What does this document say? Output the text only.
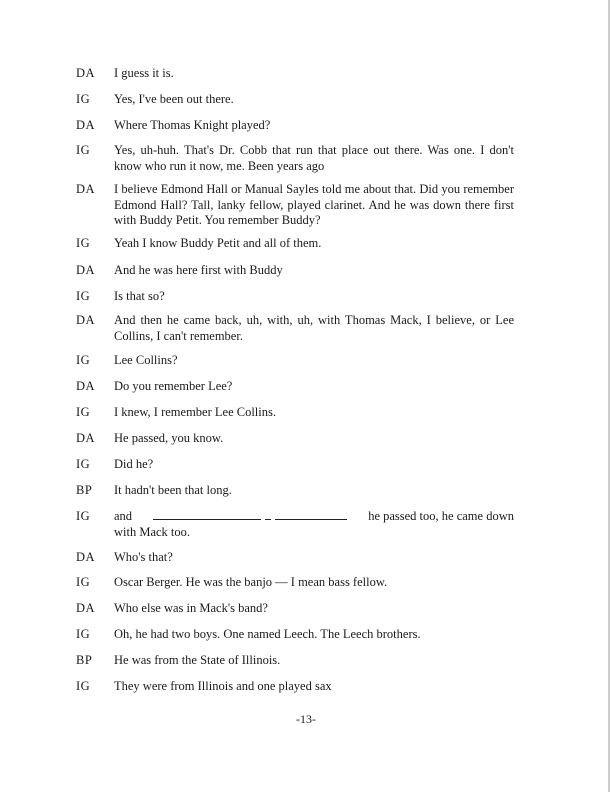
DA I guess it is.
IG Yes, I've been out there.
DA Where Thomas Knight played?
IG Yes, uh-huh. That's Dr. Cobb that run that place out there. Was one. I don't know who run it now, me. Been years ago
DA I believe Edmond Hall or Manual Sayles told me about that. Did you remember Edmond Hall? Tall, lanky fellow, played clarinet. And he was down there first with Buddy Petit. You remember Buddy?
IG Yeah I know Buddy Petit and all of them.
DA And he was here first with Buddy
IG Is that so?
DA And then he came back, uh, with, uh, with Thomas Mack, I believe, or Lee Collins, I can't remember.
IG Lee Collins?
DA Do you remember Lee?
IG I knew, I remember Lee Collins.
DA He passed, you know.
IG Did he?
BP It hadn't been that long.
IG and	he passed too, he came down
with Mack too.
DA Who's that?
IG Oscar Berger. He was the banjo — I mean bass fellow.
DA Who else was in Mack's band?
IG Oh, he had two boys. One named Leech. The Leech brothers.
BP He was from the State of Illinois.
IG They were from Illinois and one played sax
-13-
